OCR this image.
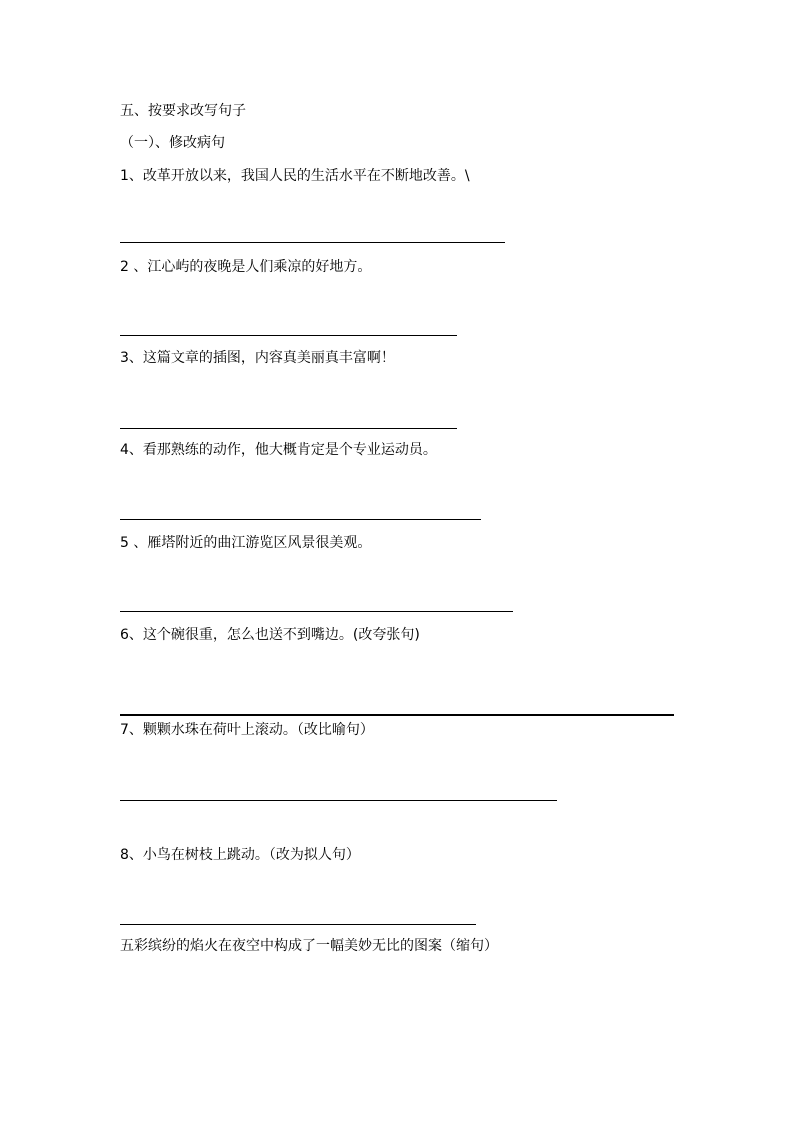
五、按要求改写句子
（一）、修改病句
1、改革开放以来，我国人民的生活水平在不断地改善。\
2 、江心屿的夜晚是人们乘凉的好地方。
3、这篇文章的插图，内容真美丽真丰富啊！
4、看那熟练的动作，他大概肯定是个专业运动员。
5 、雁塔附近的曲江游览区风景很美观。
6、这个碗很重，怎么也送不到嘴边。(改夸张句)
7、颗颗水珠在荷叶上滚动。（改比喻句）
8、小鸟在树枝上跳动。（改为拟人句）
五彩缤纷的焰火在夜空中构成了一幅美妙无比的图案（缩句）
